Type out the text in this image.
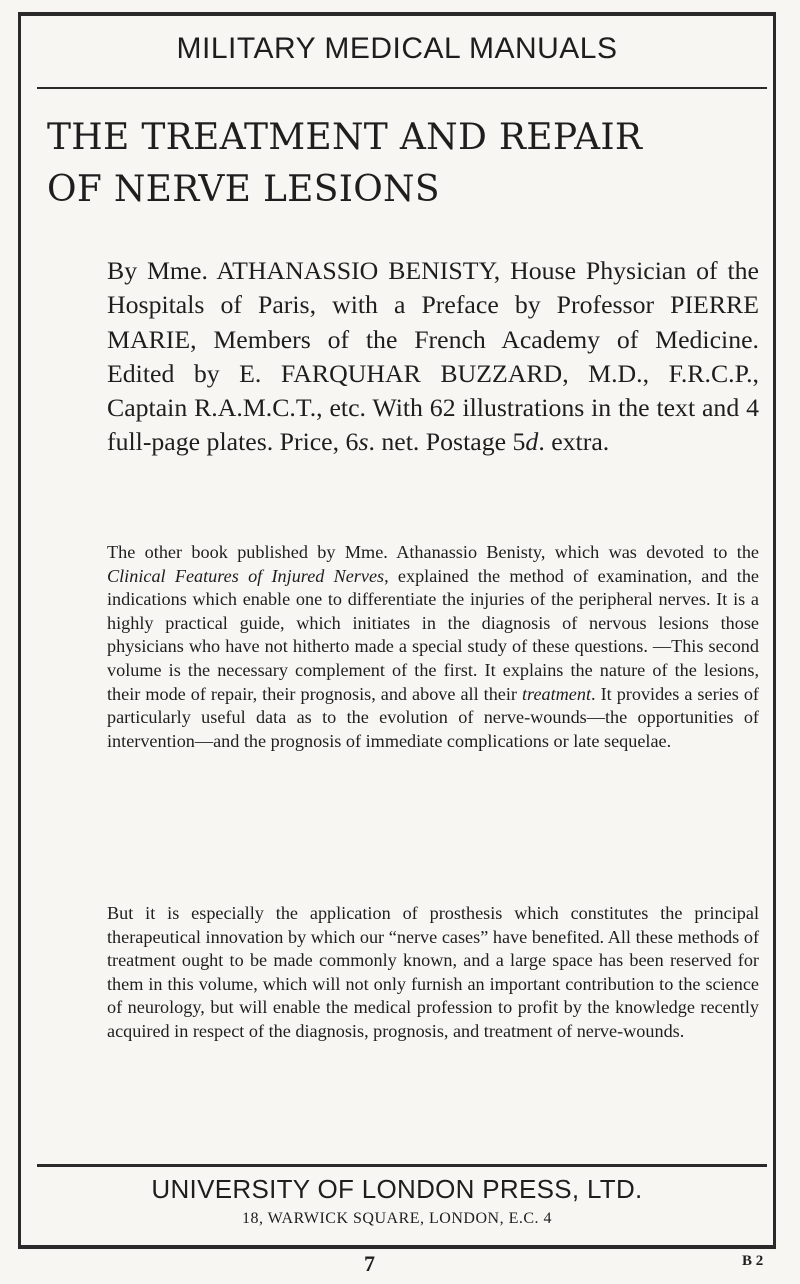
MILITARY MEDICAL MANUALS
THE TREATMENT AND REPAIR
OF NERVE LESIONS
By Mme. ATHANASSIO BENISTY, House Physician of the Hospitals of Paris, with a Preface by Professor PIERRE MARIE, Members of the French Academy of Medicine. Edited by E. FARQUHAR BUZZARD, M.D., F.R.C.P., Captain R.A.M.C.T., etc. With 62 illustrations in the text and 4 full-page plates. Price, 6s. net. Postage 5d. extra.
The other book published by Mme. Athanassio Benisty, which was devoted to the Clinical Features of Injured Nerves, explained the method of examination, and the indications which enable one to differentiate the injuries of the peripheral nerves. It is a highly practical guide, which initiates in the diagnosis of nervous lesions those physicians who have not hitherto made a special study of these questions. —This second volume is the necessary complement of the first. It explains the nature of the lesions, their mode of repair, their prognosis, and above all their treatment. It provides a series of particularly useful data as to the evolution of nerve-wounds—the opportunities of intervention—and the prognosis of immediate complications or late sequelae.
But it is especially the application of prosthesis which constitutes the principal therapeutical innovation by which our “nerve cases” have benefited. All these methods of treatment ought to be made commonly known, and a large space has been reserved for them in this volume, which will not only furnish an important contribution to the science of neurology, but will enable the medical profession to profit by the knowledge recently acquired in respect of the diagnosis, prognosis, and treatment of nerve-wounds.
UNIVERSITY OF LONDON PRESS, LTD.
18, WARWICK SQUARE, LONDON, E.C. 4
7	B 2
